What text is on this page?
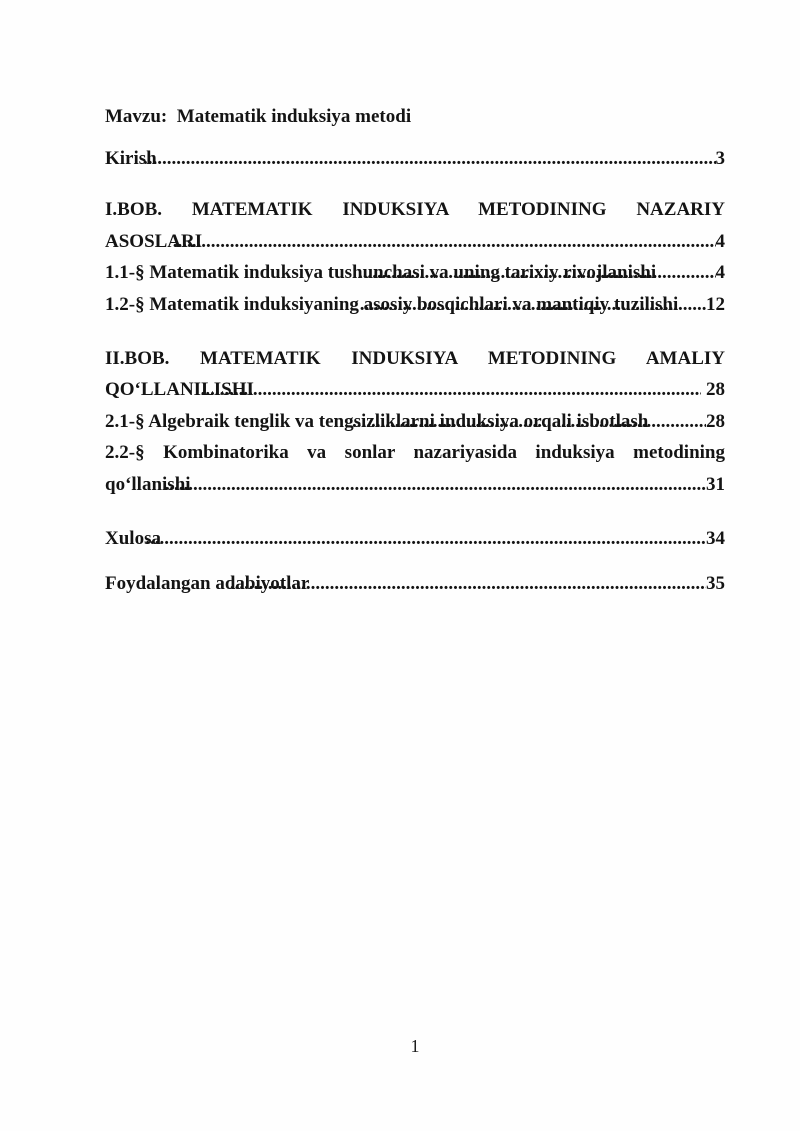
Mavzu:  Matematik induksiya metodi

Kirish .....	3
I.BOB. MATEMATIK INDUKSIYA METODINING NAZARIY
ASOSLARI .....	4
1.1-§ Matematik induksiya tushunchasi va uning tarixiy rivojlanishi .....	4
1.2-§ Matematik induksiyaning asosiy bosqichlari va mantiqiy tuzilishi ..... 12
II.BOB. MATEMATIK INDUKSIYA METODINING AMALIY
QO‘LLANILISHI .....	28
2.1-§ Algebraik tenglik va tengsizliklarni induksiya orqali isbotlash .....	28
2.2-§ Kombinatorika va sonlar nazariyasida induksiya metodining
qo‘llanishi .....	31
Xulosa .....	34
Foydalangan adabiyotlar .....	35
1
